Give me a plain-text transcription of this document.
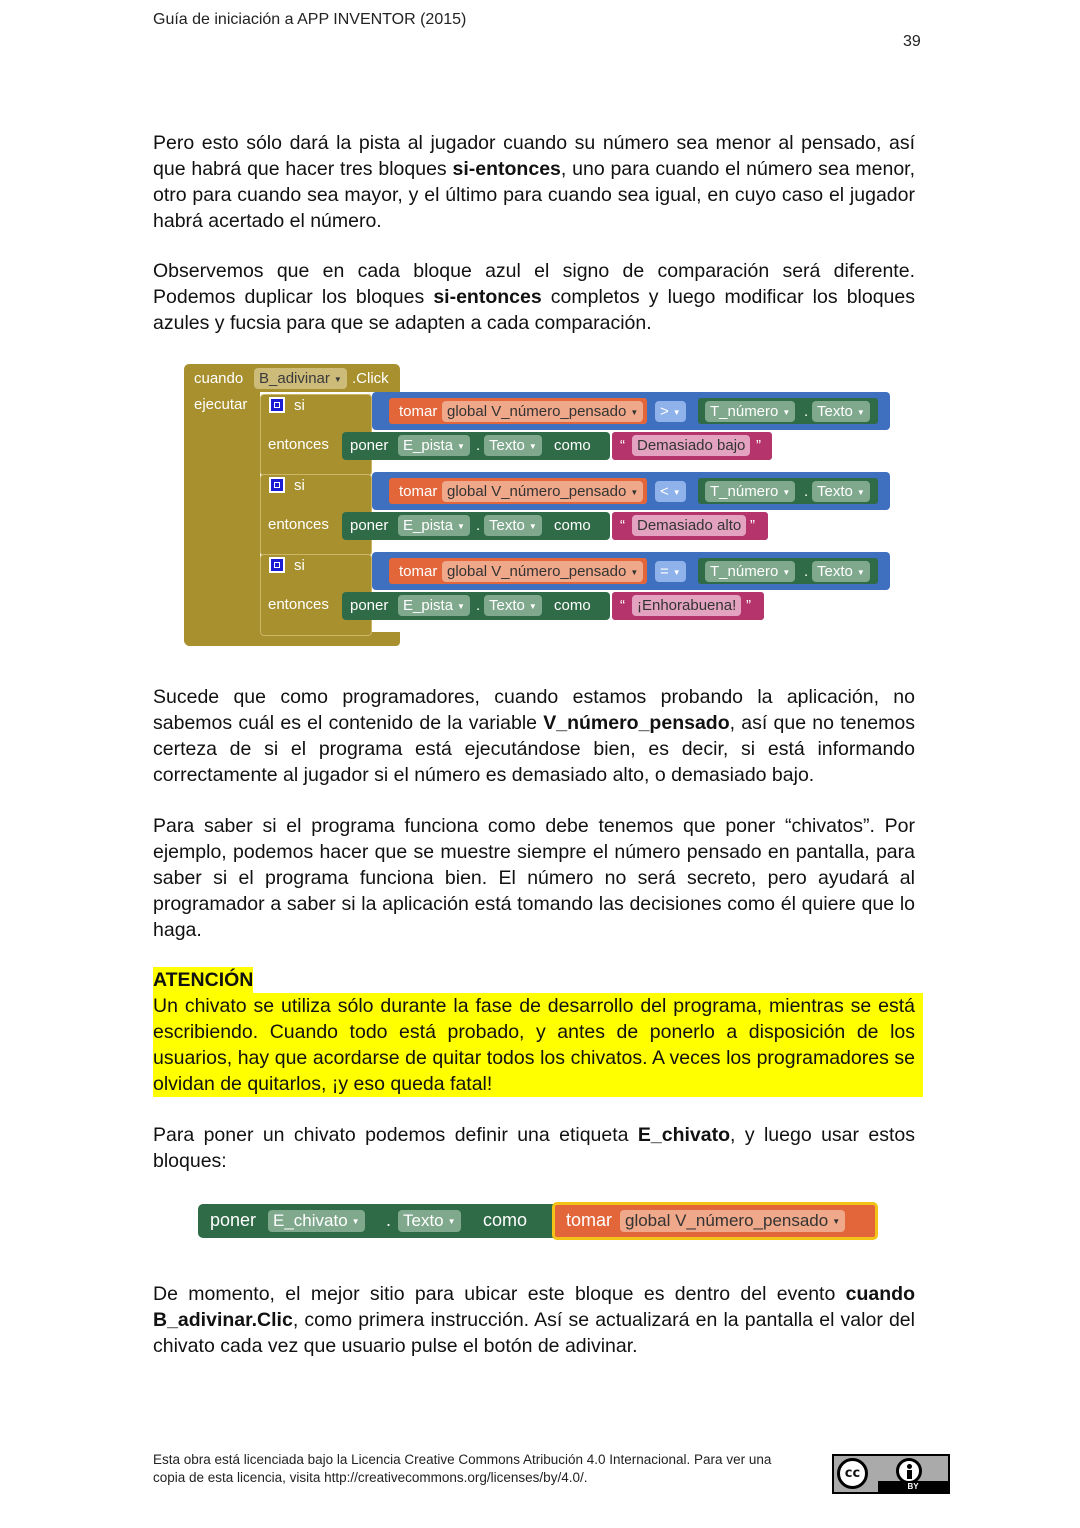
Guía de iniciación a APP INVENTOR (2015)
39
Pero esto sólo dará la pista al jugador cuando su número sea menor al pensado, así que habrá que hacer tres bloques si-entonces, uno para cuando el número sea menor, otro para cuando sea mayor, y el último para cuando sea igual, en cuyo caso el jugador habrá acertado el número.
Observemos que en cada bloque azul el signo de comparación será diferente. Podemos duplicar los bloques si-entonces completos y luego modificar los bloques azules y fucsia para que se adapten a cada comparación.
cuando	B_adivinar ▼ .Click
ejecutar	si
entonces
tomar global V_número_pensado ▼	> ▼	T_número ▼ . Texto ▼
poner E_pista ▼ . Texto ▼	como “ Demasiado bajo ”
si
entonces
tomar global V_número_pensado ▼	< ▼	T_número ▼ . Texto ▼
poner E_pista ▼ . Texto ▼	como “ Demasiado alto ”
si
entonces
tomar global V_número_pensado ▼	= ▼	T_número ▼ . Texto ▼
poner E_pista ▼ . Texto ▼	como “ ¡Enhorabuena! ”
Sucede que como programadores, cuando estamos probando la aplicación, no sabemos cuál es el contenido de la variable V_número_pensado, así que no tenemos certeza de si el programa está ejecutándose bien, es decir, si está informando correctamente al jugador si el número es demasiado alto, o demasiado bajo.
Para saber si el programa funciona como debe tenemos que poner “chivatos”. Por ejemplo, podemos hacer que se muestre siempre el número pensado en pantalla, para saber si el programa funciona bien. El número no será secreto, pero ayudará al programador a saber si la aplicación está tomando las decisiones como él quiere que lo haga.
ATENCIÓN
Un chivato se utiliza sólo durante la fase de desarrollo del programa, mientras se está escribiendo. Cuando todo está probado, y antes de ponerlo a disposición de los usuarios, hay que acordarse de quitar todos los chivatos. A veces los programadores se olvidan de quitarlos, ¡y eso queda fatal!
Para poner un chivato podemos definir una etiqueta E_chivato, y luego usar estos bloques:
poner E_chivato ▼ . Texto ▼ como tomar global V_número_pensado ▼
De momento, el mejor sitio para ubicar este bloque es dentro del evento cuando B_adivinar.Clic, como primera instrucción. Así se actualizará en la pantalla el valor del chivato cada vez que usuario pulse el botón de adivinar.
Esta obra está licenciada bajo la Licencia Creative Commons Atribución 4.0 Internacional. Para ver una
copia de esta licencia, visita http://creativecommons.org/licenses/by/4.0/.	cc
BY
